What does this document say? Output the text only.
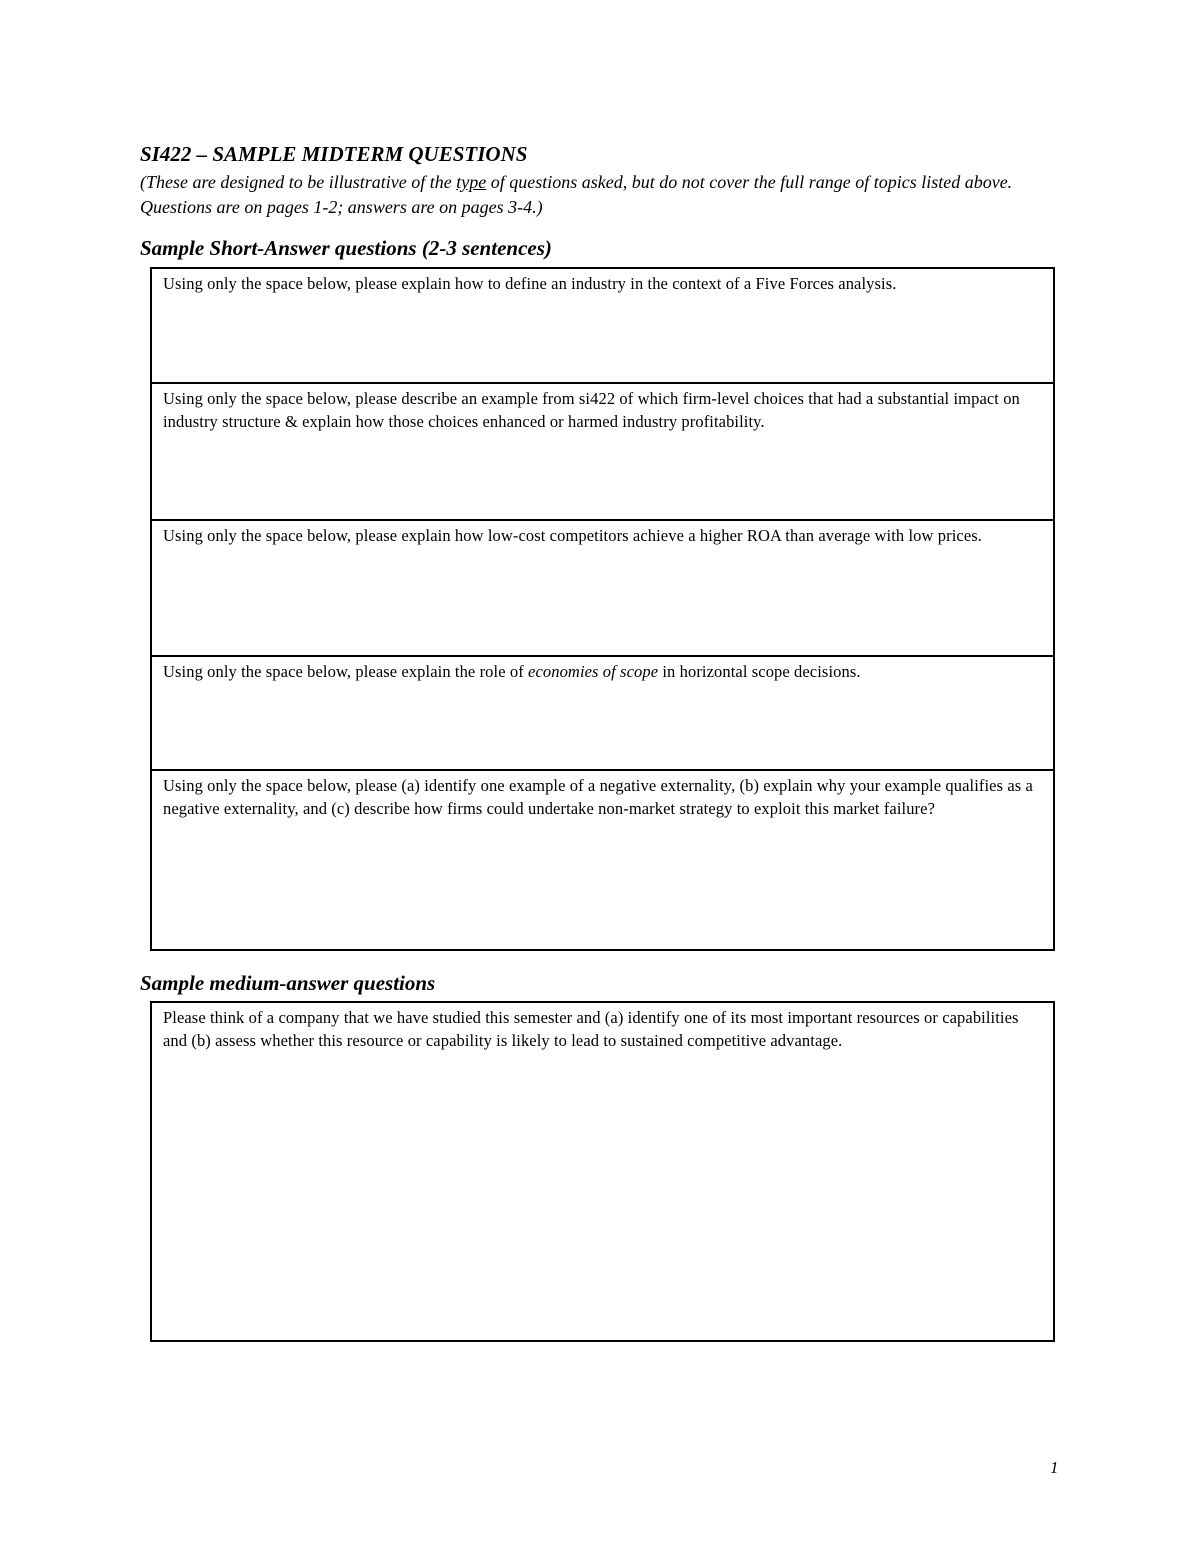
SI422 – SAMPLE MIDTERM QUESTIONS

(These are designed to be illustrative of the type of questions asked, but do not cover the full range of topics listed above. Questions are on pages 1-2; answers are on pages 3-4.)

Sample Short-Answer questions (2-3 sentences)
Using only the space below, please explain how to define an industry in the context of a Five Forces analysis.
Using only the space below, please describe an example from si422 of which firm-level choices that had a substantial impact on industry structure & explain how those choices enhanced or harmed industry profitability.
Using only the space below, please explain how low-cost competitors achieve a higher ROA than average with low prices.
Using only the space below, please explain the role of economies of scope in horizontal scope decisions.
Using only the space below, please (a) identify one example of a negative externality, (b) explain why your example qualifies as a negative externality, and (c) describe how firms could undertake non-market strategy to exploit this market failure?
Sample medium-answer questions
Please think of a company that we have studied this semester and (a) identify one of its most important resources or capabilities and (b) assess whether this resource or capability is likely to lead to sustained competitive advantage.
1
